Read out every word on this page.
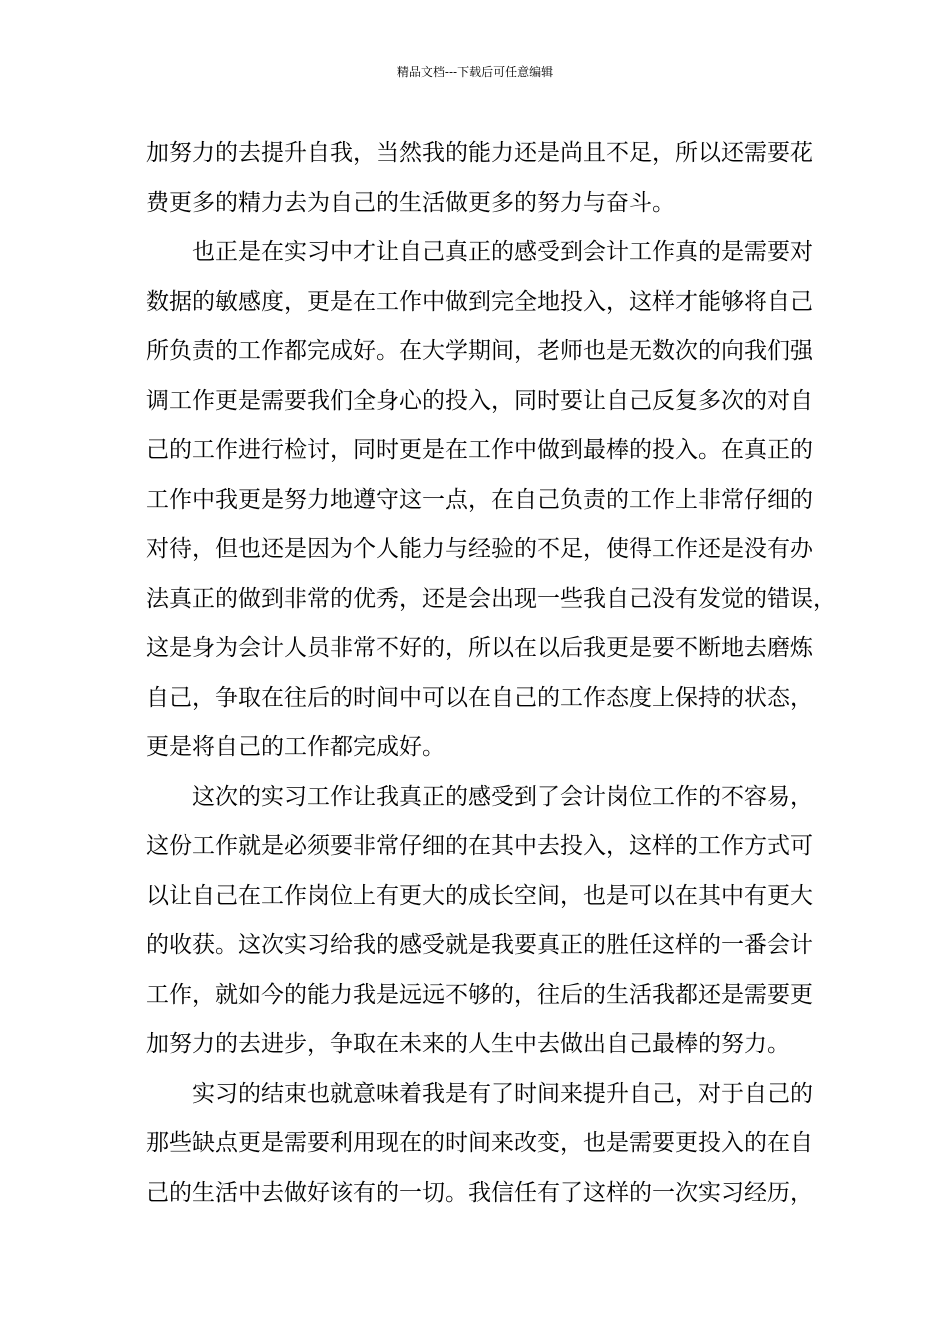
精品文档---下载后可任意编辑
加努力的去提升自我，当然我的能力还是尚且不足，所以还需要花
费更多的精力去为自己的生活做更多的努力与奋斗。
也正是在实习中才让自己真正的感受到会计工作真的是需要对
数据的敏感度，更是在工作中做到完全地投入，这样才能够将自己
所负责的工作都完成好。在大学期间，老师也是无数次的向我们强
调工作更是需要我们全身心的投入，同时要让自己反复多次的对自
己的工作进行检讨，同时更是在工作中做到最棒的投入。在真正的
工作中我更是努力地遵守这一点，在自己负责的工作上非常仔细的
对待，但也还是因为个人能力与经验的不足，使得工作还是没有办
法真正的做到非常的优秀，还是会出现一些我自己没有发觉的错误，
这是身为会计人员非常不好的，所以在以后我更是要不断地去磨炼
自己，争取在往后的时间中可以在自己的工作态度上保持的状态，
更是将自己的工作都完成好。
这次的实习工作让我真正的感受到了会计岗位工作的不容易，
这份工作就是必须要非常仔细的在其中去投入，这样的工作方式可
以让自己在工作岗位上有更大的成长空间，也是可以在其中有更大
的收获。这次实习给我的感受就是我要真正的胜任这样的一番会计
工作，就如今的能力我是远远不够的，往后的生活我都还是需要更
加努力的去进步，争取在未来的人生中去做出自己最棒的努力。
实习的结束也就意味着我是有了时间来提升自己，对于自己的
那些缺点更是需要利用现在的时间来改变，也是需要更投入的在自
己的生活中去做好该有的一切。我信任有了这样的一次实习经历，
